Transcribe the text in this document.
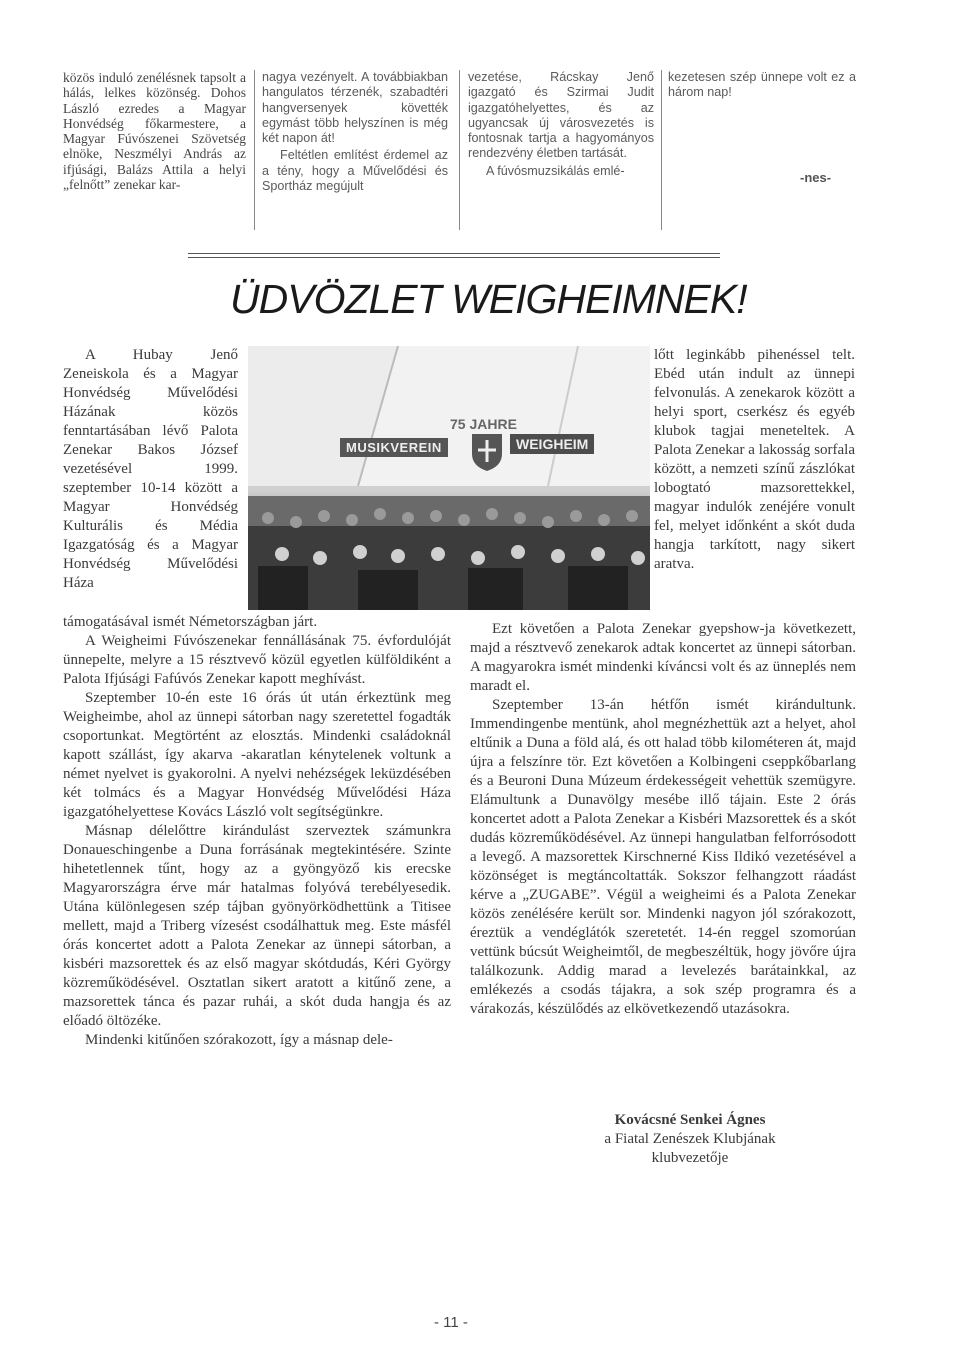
közös induló zenélésnek tapsolt a hálás, lelkes közönség. Dohos László ezredes a Magyar Honvédség főkarmestere, a Magyar Fúvószenei Szövetség elnöke, Neszmélyi András az ifjúsági, Balázs Attila a helyi „felnőtt” zenekar kar-

nagya vezényelt. A továbbiakban hangulatos térzenék, szabadtéri hangversenyek követték egymást több helyszínen is még két napon át!

Feltétlen említést érdemel az a tény, hogy a Művelődési és Sportház megújult

vezetése, Rácskay Jenő igazgató és Szirmai Judit igazgatóhelyettes, és az ugyancsak új városvezetés is fontosnak tartja a hagyományos rendezvény életben tartását.

A fúvósmuzsikálás emlé-

kezetesen szép ünnepe volt ez a három nap!

-nes-
ÜDVÖZLET WEIGHEIMNEK!

A Hubay Jenő Zeneiskola és a Magyar Honvédség Művelődési Házának közös fenntartásában lévő Palota Zenekar Bakos József vezetésével 1999. szeptember 10-14 között a Magyar Honvédség Kulturális és Média Igazgatóság és a Magyar Honvédség Művelődési Háza

75 JAHRE
MUSIKVEREIN	WEIGHEIM

lőtt leginkább pihenéssel telt. Ebéd után indult az ünnepi felvonulás. A zenekarok között a helyi sport, cserkész és egyéb klubok tagjai meneteltek. A Palota Zenekar a lakosság sorfala között, a nemzeti színű zászlókat lobogtató mazsorettekkel, magyar indulók zenéjére vonult fel, melyet időnként a skót duda hangja tarkított, nagy sikert aratva.

támogatásával ismét Németországban járt.

A Weigheimi Fúvószenekar fennállásának 75. évfordulóját ünnepelte, melyre a 15 résztvevő közül egyetlen külföldiként a Palota Ifjúsági Fafúvós Zenekar kapott meghívást.

Szeptember 10-én este 16 órás út után érkeztünk meg Weigheimbe, ahol az ünnepi sátorban nagy szeretettel fogadták csoportunkat. Megtörtént az elosztás. Mindenki családoknál kapott szállást, így akarva -akaratlan kénytelenek voltunk a német nyelvet is gyakorolni. A nyelvi nehézségek leküzdésében két tolmács és a Magyar Honvédség Művelődési Háza igazgatóhelyettese Kovács László volt segítségünkre.

Másnap délelőttre kirándulást szerveztek számunkra Donaueschingenbe a Duna forrásának megtekintésére. Szinte hihetetlennek tűnt, hogy az a gyöngyöző kis erecske Magyarországra érve már hatalmas folyóvá terebélyesedik. Utána különlegesen szép tájban gyönyörködhettünk a Titisee mellett, majd a Triberg vízesést csodálhattuk meg. Este másfél órás koncertet adott a Palota Zenekar az ünnepi sátorban, a kisbéri mazsorettek és az első magyar skótdudás, Kéri György közreműködésével. Osztatlan sikert aratott a kitűnő zene, a mazsorettek tánca és pazar ruhái, a skót duda hangja és az előadó öltözéke.

Mindenki kitűnően szórakozott, így a másnap dele-

Ezt követően a Palota Zenekar gyepshow-ja következett, majd a résztvevő zenekarok adtak koncertet az ünnepi sátorban. A magyarokra ismét mindenki kíváncsi volt és az ünneplés nem maradt el.

Szeptember 13-án hétfőn ismét kirándultunk. Immendingenbe mentünk, ahol megnézhettük azt a helyet, ahol eltűnik a Duna a föld alá, és ott halad több kilométeren át, majd újra a felszínre tör. Ezt követően a Kolbingeni cseppkőbarlang és a Beuroni Duna Múzeum érdekességeit vehettük szemügyre. Elámultunk a Dunavölgy mesébe illő tájain. Este 2 órás koncertet adott a Palota Zenekar a Kisbéri Mazsorettek és a skót dudás közreműködésével. Az ünnepi hangulatban felforrósodott a levegő. A mazsorettek Kirschnerné Kiss Ildikó vezetésével a közönséget is megtáncoltatták. Sokszor felhangzott ráadást kérve a „ZUGABE”. Végül a weigheimi és a Palota Zenekar közös zenélésére került sor. Mindenki nagyon jól szórakozott, éreztük a vendéglátók szeretetét. 14-én reggel szomorúan vettünk búcsút Weigheimtől, de megbeszéltük, hogy jövőre újra találkozunk. Addig marad a levelezés barátainkkal, az emlékezés a csodás tájakra, a sok szép programra és a várakozás, készülődés az elkövetkezendő utazásokra.

Kovácsné Senkei Ágnes
a Fiatal Zenészek Klubjának
klubvezetője
- 11 -
